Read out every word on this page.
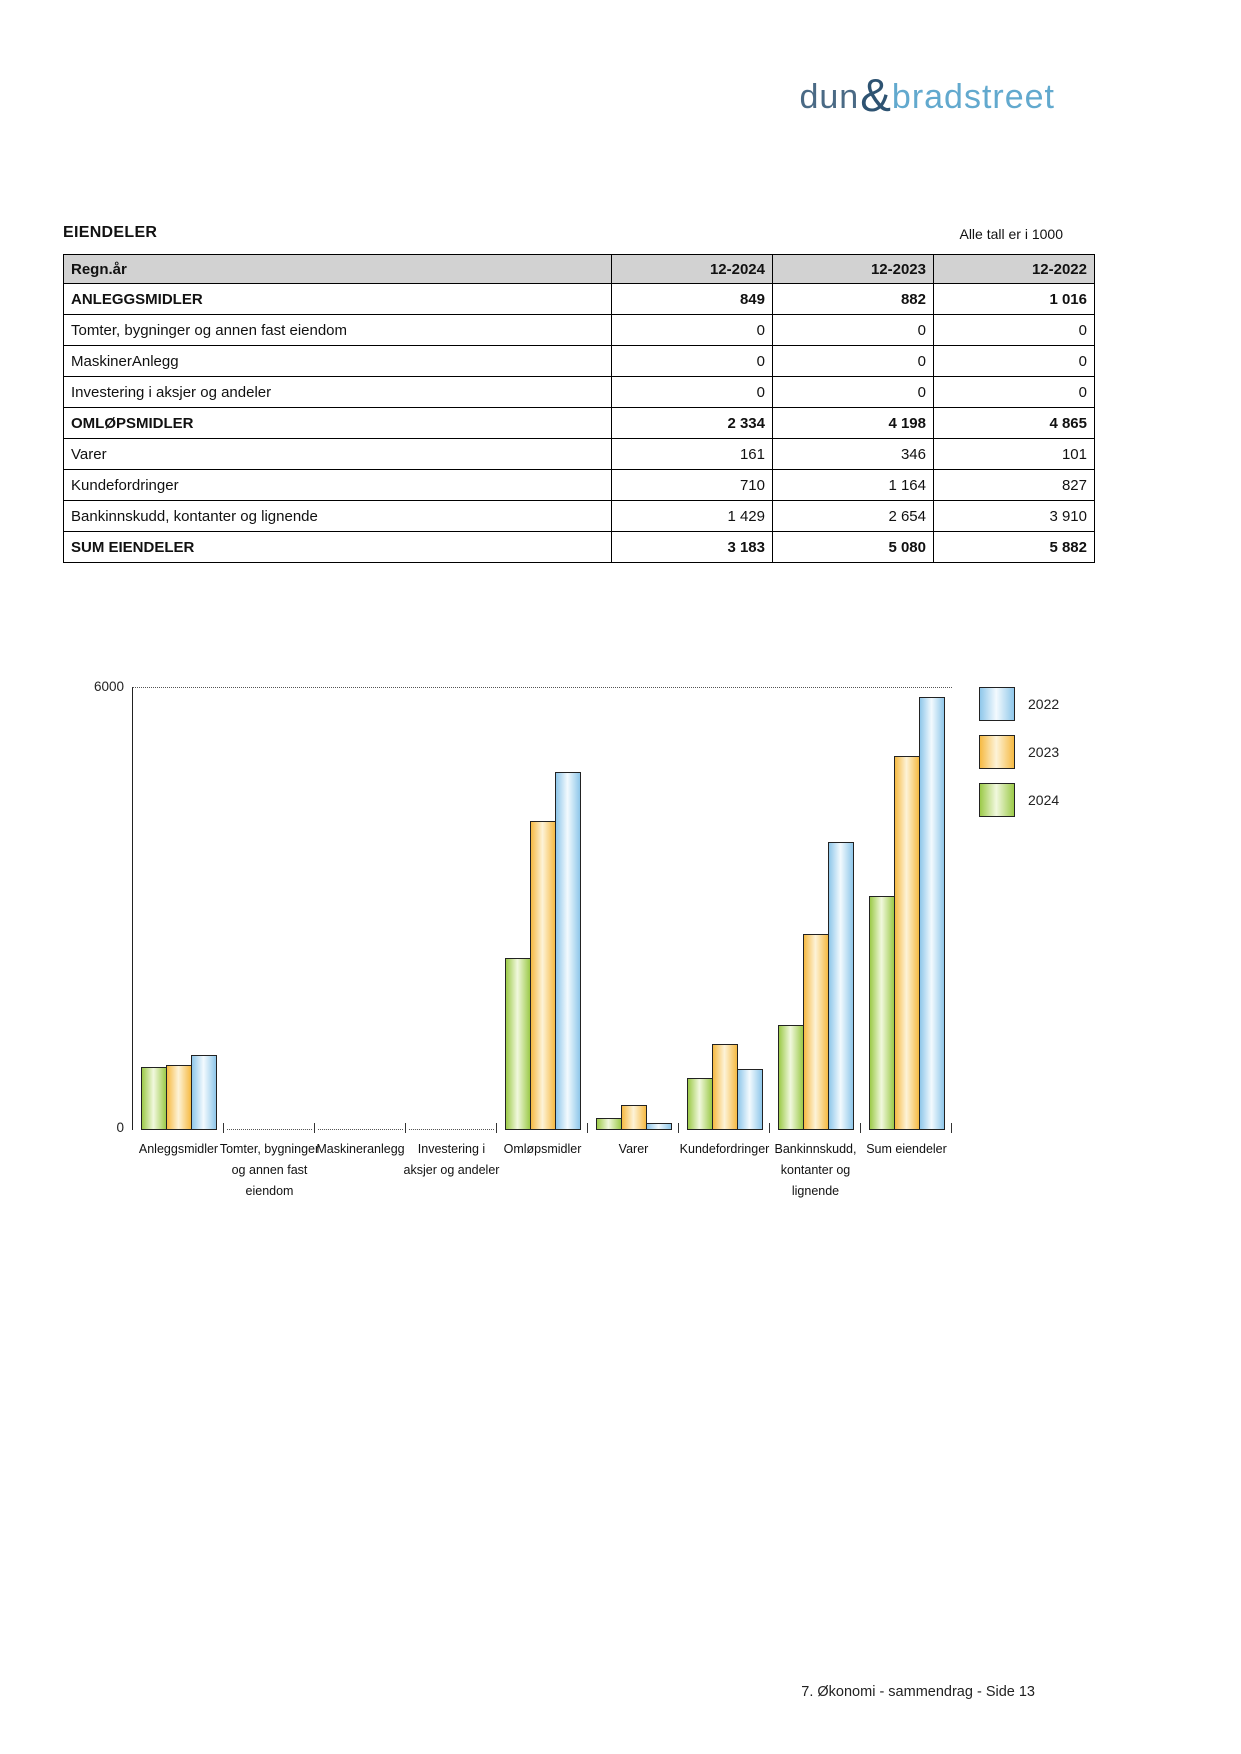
dun&bradstreet
EIENDELER	Alle tall er i 1000
Regn.år	12-2024	12-2023	12-2022
ANLEGGSMIDLER	849	882	1 016
Tomter, bygninger og annen fast eiendom	0	0	0
MaskinerAnlegg	0	0	0
Investering i aksjer og andeler	0	0	0
OMLØPSMIDLER	2 334	4 198	4 865
Varer	161	346	101
Kundefordringer	710	1 164	827
Bankinnskudd, kontanter og lignende	1 429	2 654	3 910
SUM EIENDELER	3 183	5 080	5 882
6000
0
Anleggsmidler Tomter, bygninger og annen fast eiendom
Maskineranlegg	Investering i aksjer og andeler
Omløpsmidler	Varer	Kundefordringer Bankinnskudd, kontanter og lignende
Sum eiendeler
2022
2023
2024
7. Økonomi - sammendrag - Side 13
